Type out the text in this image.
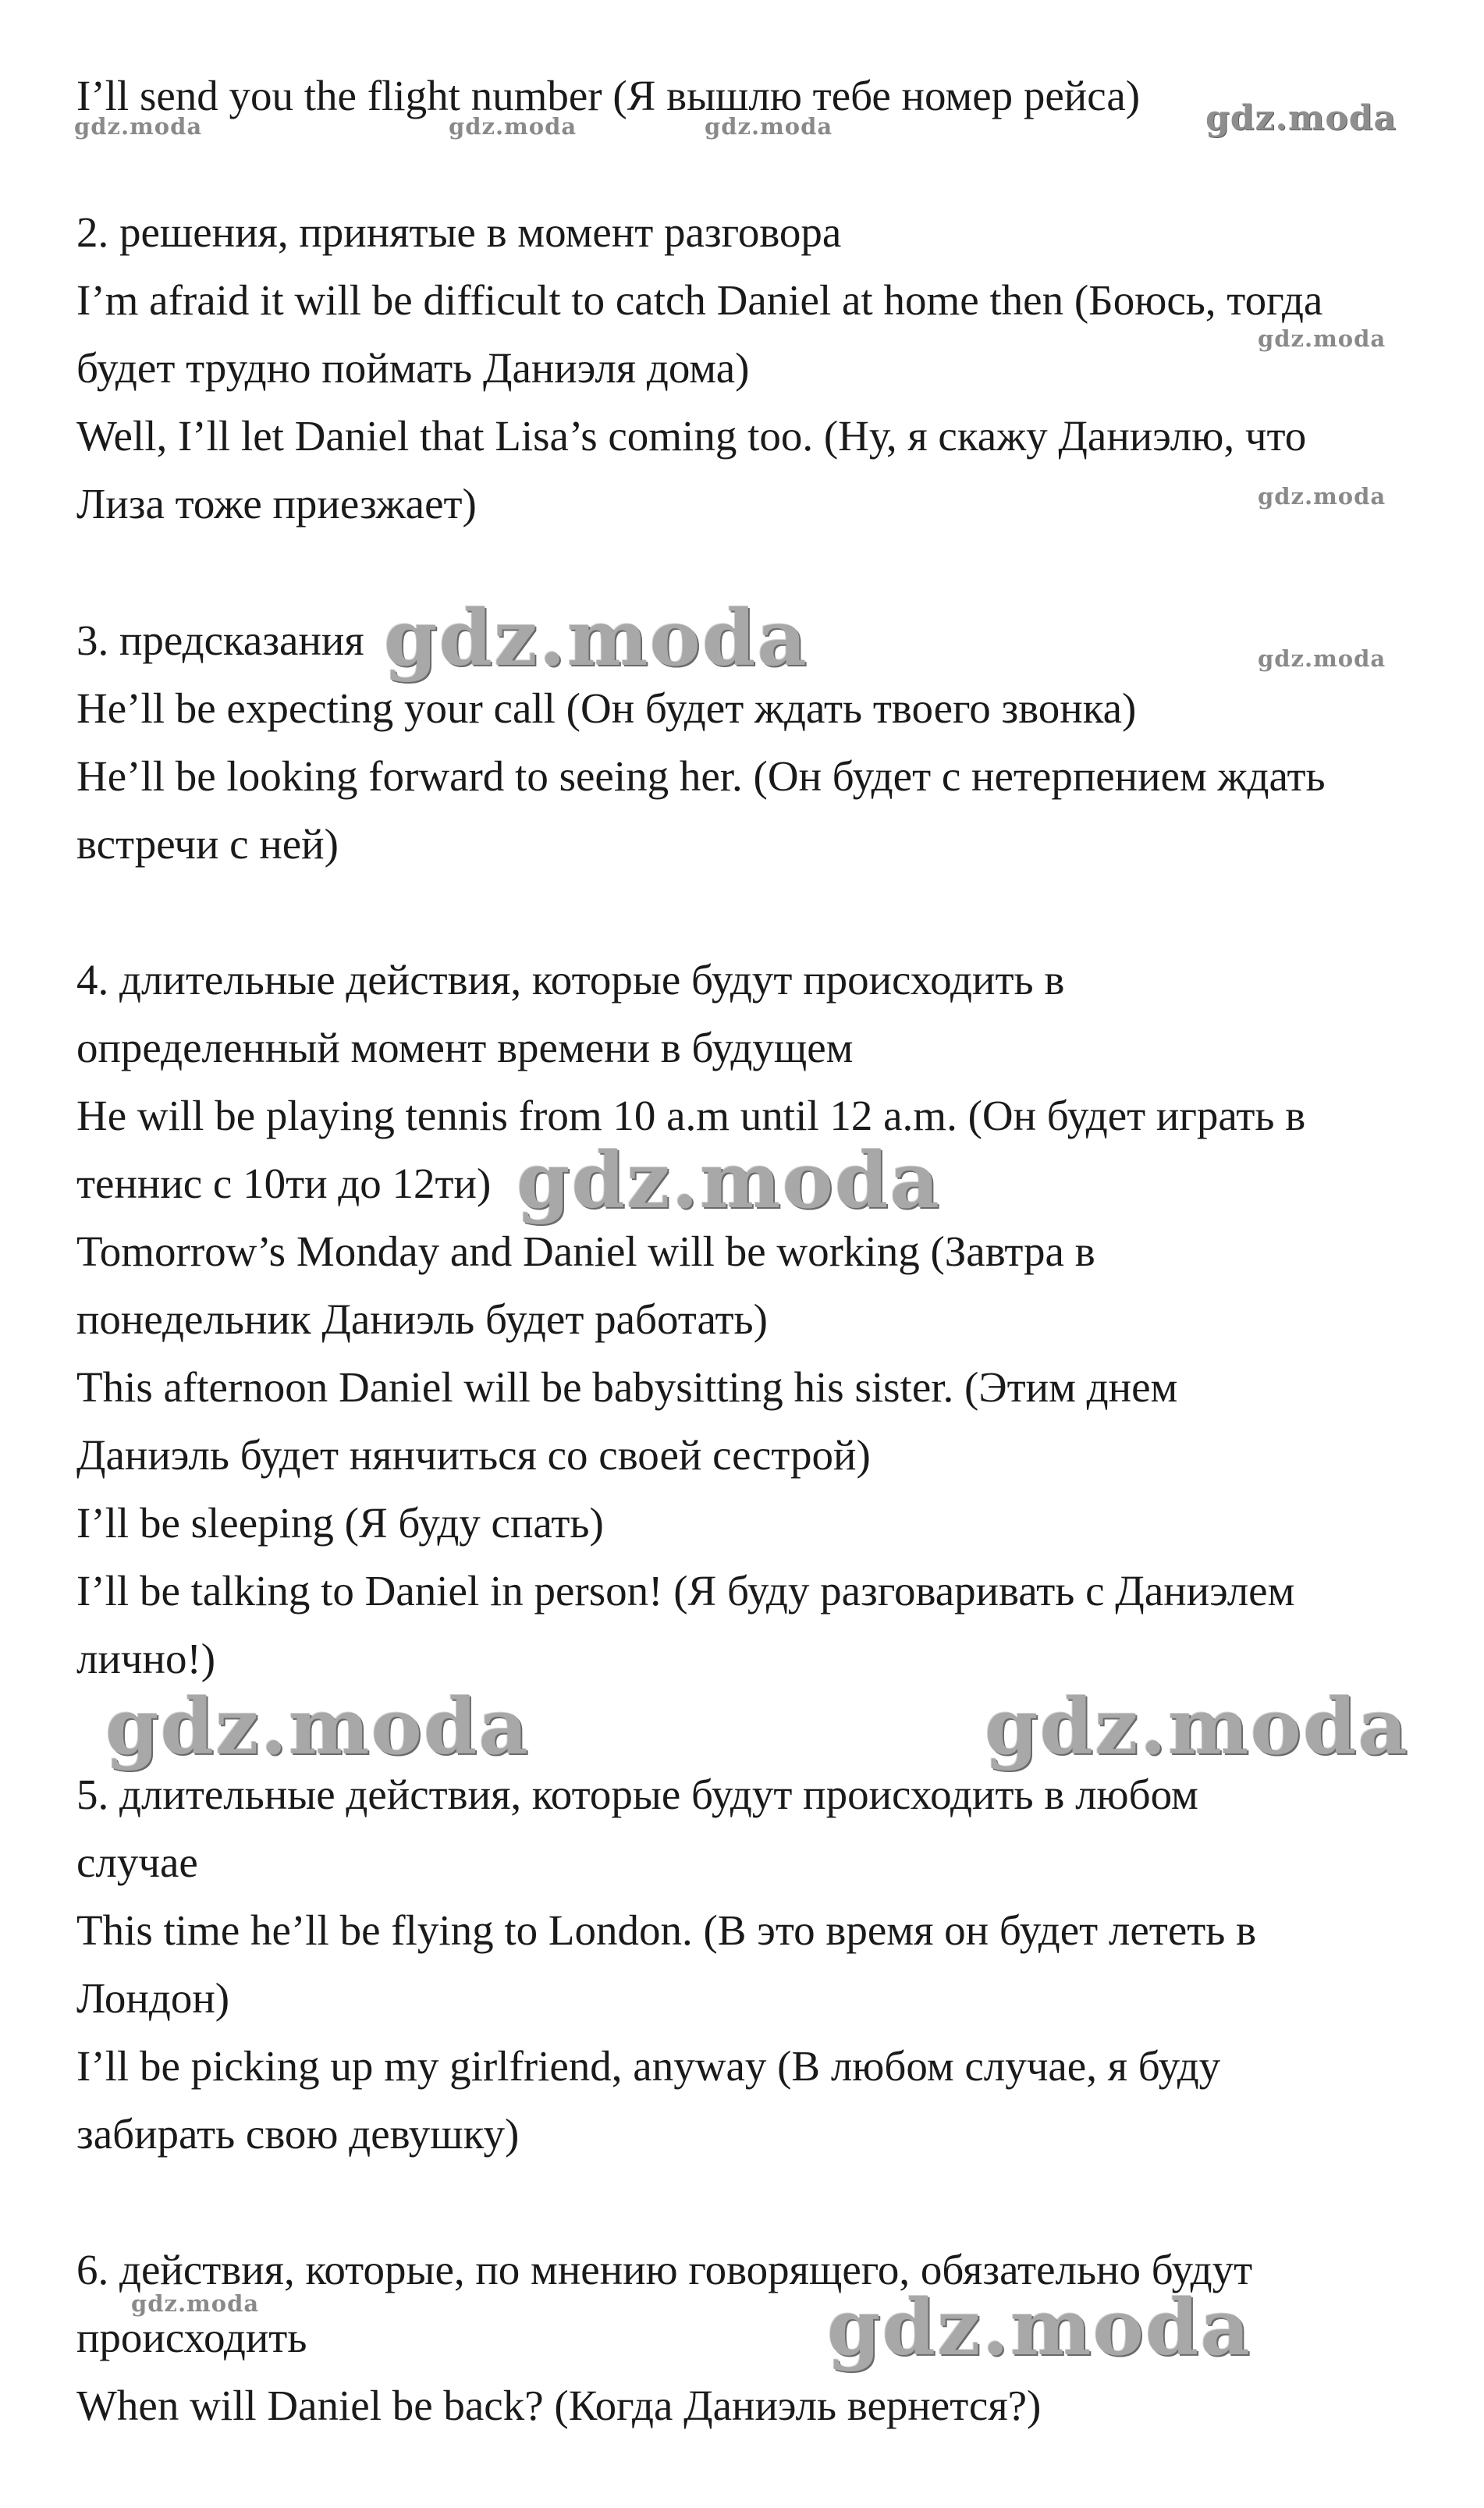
I’ll send you the flight number (Я вышлю тебе номер рейса)
2. решения, принятые в момент разговора
I’m afraid it will be difficult to catch Daniel at home then (Боюсь, тогда
будет трудно поймать Даниэля дома)
Well, I’ll let Daniel that Lisa’s coming too. (Ну, я скажу Даниэлю, что
Лиза тоже приезжает)
3. предсказания
He’ll be expecting your call (Он будет ждать твоего звонка)
He’ll be looking forward to seeing her. (Он будет с нетерпением ждать
встречи с ней)
4. длительные действия, которые будут происходить в
определенный момент времени в будущем
He will be playing tennis from 10 a.m until 12 a.m. (Он будет играть в
теннис с 10ти до 12ти)
Tomorrow’s Monday and Daniel will be working (Завтра в
понедельник Даниэль будет работать)
This afternoon Daniel will be babysitting his sister. (Этим днем
Даниэль будет нянчиться со своей сестрой)
I’ll be sleeping (Я буду спать)
I’ll be talking to Daniel in person! (Я буду разговаривать с Даниэлем
лично!)
5. длительные действия, которые будут происходить в любом
случае
This time he’ll be flying to London. (В это время он будет лететь в
Лондон)
I’ll be picking up my girlfriend, anyway (В любом случае, я буду
забирать свою девушку)
6. действия, которые, по мнению говорящего, обязательно будут
происходить
When will Daniel be back? (Когда Даниэль вернется?)
gdz.moda	gdz.moda	gdz.moda	gdz.moda
gdz.moda
gdz.moda
gdz.moda	gdz.moda
gdz.moda
gdz.moda	gdz.moda
gdz.moda	gdz.moda
